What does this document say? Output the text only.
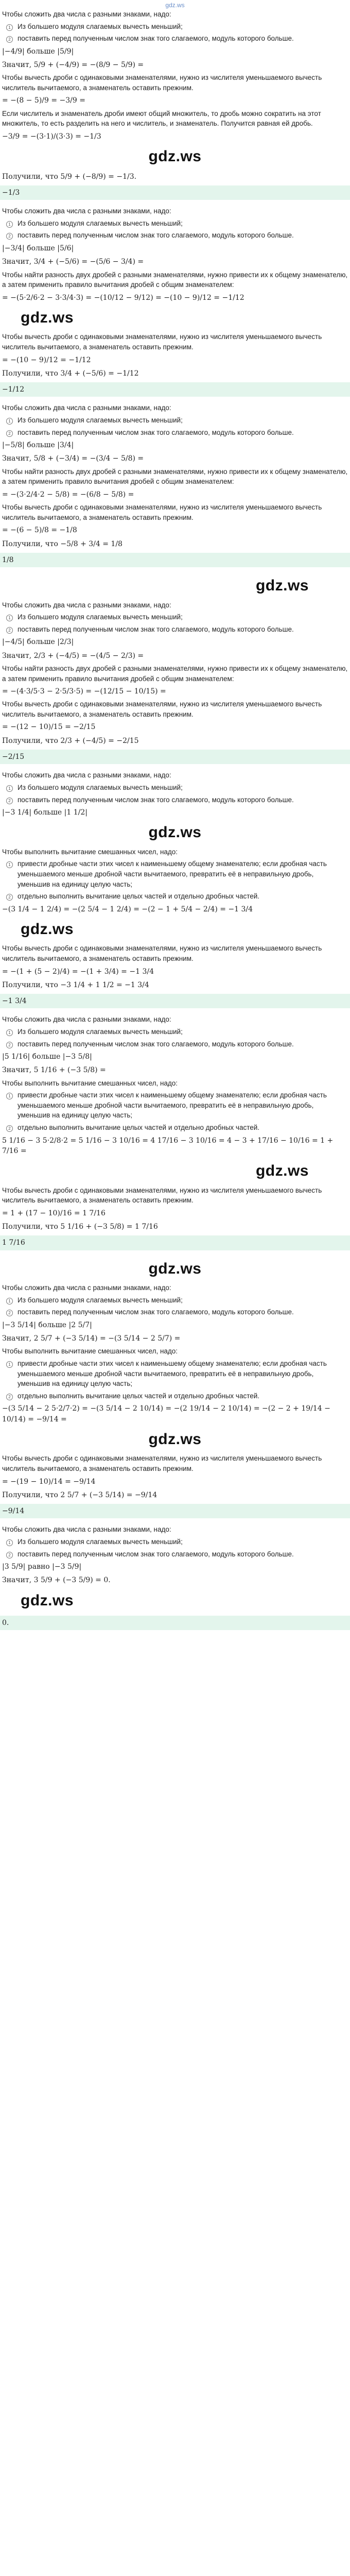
gdz.ws

Чтобы сложить два числа с разными знаками, надо:

1 Из большего модуля слагаемых вычесть меньший;
2 поставить перед полученным числом знак того слагаемого, модуль которого больше.
|−4/9| больше |5/9|
Значит, 5/9 + (−4/9) = −(8/9 − 5/9) =

Чтобы вычесть дроби с одинаковыми знаменателями, нужно из числителя уменьшаемого вычесть числитель вычитаемого, а знаменатель оставить прежним.

= −(8 − 5)/9 = −3/9 =

Если числитель и знаменатель дроби имеют общий множитель, то дробь можно сократить на этот множитель, то есть разделить на него и числитель, и знаменатель. Получится равная ей дробь.

−3/9 = −(3·1)/(3·3) = −1/3
gdz.ws
Получили, что 5/9 + (−8/9) = −1/3.
−1/3

Чтобы сложить два числа с разными знаками, надо:

1 Из большего модуля слагаемых вычесть меньший;
2 поставить перед полученным числом знак того слагаемого, модуль которого больше.
|−3/4| больше |5/6|
Значит, 3/4 + (−5/6) = −(5/6 − 3/4) =

Чтобы найти разность двух дробей с разными знаменателями, нужно привести их к общему знаменателю, а затем применить правило вычитания дробей с общим знаменателем:

= −(5·2/6·2 − 3·3/4·3) = −(10/12 − 9/12) = −(10 − 9)/12 = −1/12
gdz.ws

Чтобы вычесть дроби с одинаковыми знаменателями, нужно из числителя уменьшаемого вычесть числитель вычитаемого, а знаменатель оставить прежним.

= −(10 − 9)/12 = −1/12
Получили, что 3/4 + (−5/6) = −1/12
−1/12

Чтобы сложить два числа с разными знаками, надо:

1 Из большего модуля слагаемых вычесть меньший;
2 поставить перед полученным числом знак того слагаемого, модуль которого больше.
|−5/8| больше |3/4|
Значит, 5/8 + (−3/4) = −(3/4 − 5/8) =

Чтобы найти разность двух дробей с разными знаменателями, нужно привести их к общему знаменателю, а затем применить правило вычитания дробей с общим знаменателем:

= −(3·2/4·2 − 5/8) = −(6/8 − 5/8) =

Чтобы вычесть дроби с одинаковыми знаменателями, нужно из числителя уменьшаемого вычесть числитель вычитаемого, а знаменатель оставить прежним.

= −(6 − 5)/8 = −1/8
Получили, что −5/8 + 3/4 = 1/8
1/8
gdz.ws

Чтобы сложить два числа с разными знаками, надо:

1 Из большего модуля слагаемых вычесть меньший;
2 поставить перед полученным числом знак того слагаемого, модуль которого больше.
|−4/5| больше |2/3|
Значит, 2/3 + (−4/5) = −(4/5 − 2/3) =

Чтобы найти разность двух дробей с разными знаменателями, нужно привести их к общему знаменателю, а затем применить правило вычитания дробей с общим знаменателем:

= −(4·3/5·3 − 2·5/3·5) = −(12/15 − 10/15) =

Чтобы вычесть дроби с одинаковыми знаменателями, нужно из числителя уменьшаемого вычесть числитель вычитаемого, а знаменатель оставить прежним.

= −(12 − 10)/15 = −2/15
Получили, что 2/3 + (−4/5) = −2/15
−2/15

Чтобы сложить два числа с разными знаками, надо:

1 Из большего модуля слагаемых вычесть меньший;
2 поставить перед полученным числом знак того слагаемого, модуль которого больше.
|−3 1/4| больше |1 1/2|
gdz.ws

Чтобы выполнить вычитание смешанных чисел, надо:

1 привести дробные части этих чисел к наименьшему общему знаменателю; если дробная часть уменьшаемого меньше дробной части вычитаемого, превратить её в неправильную дробь, уменьшив на единицу целую часть;
2 отдельно выполнить вычитание целых частей и отдельно дробных частей.
−(3 1/4 − 1 2/4) = −(2 5/4 − 1 2/4) = −(2 − 1 + 5/4 − 2/4) = −1 3/4
gdz.ws

Чтобы вычесть дроби с одинаковыми знаменателями, нужно из числителя уменьшаемого вычесть числитель вычитаемого, а знаменатель оставить прежним.

= −(1 + (5 − 2)/4) = −(1 + 3/4) = −1 3/4
Получили, что −3 1/4 + 1 1/2 = −1 3/4
−1 3/4

Чтобы сложить два числа с разными знаками, надо:

1 Из большего модуля слагаемых вычесть меньший;
2 поставить перед полученным числом знак того слагаемого, модуль которого больше.
|5 1/16| больше |−3 5/8|
Значит, 5 1/16 + (−3 5/8) =

Чтобы выполнить вычитание смешанных чисел, надо:

1 привести дробные части этих чисел к наименьшему общему знаменателю; если дробная часть уменьшаемого меньше дробной части вычитаемого, превратить её в неправильную дробь, уменьшив на единицу целую часть;
2 отдельно выполнить вычитание целых частей и отдельно дробных частей.
5 1/16 − 3 5·2/8·2 = 5 1/16 − 3 10/16 = 4 17/16 − 3 10/16 = 4 − 3 + 17/16 − 10/16 = 1 + 7/16 =
gdz.ws

Чтобы вычесть дроби с одинаковыми знаменателями, нужно из числителя уменьшаемого вычесть числитель вычитаемого, а знаменатель оставить прежним.

= 1 + (17 − 10)/16 = 1 7/16
Получили, что 5 1/16 + (−3 5/8) = 1 7/16
1 7/16
gdz.ws

Чтобы сложить два числа с разными знаками, надо:

1 Из большего модуля слагаемых вычесть меньший;
2 поставить перед полученным числом знак того слагаемого, модуль которого больше.
|−3 5/14| больше |2 5/7|
Значит, 2 5/7 + (−3 5/14) = −(3 5/14 − 2 5/7) =

Чтобы выполнить вычитание смешанных чисел, надо:

1 привести дробные части этих чисел к наименьшему общему знаменателю; если дробная часть уменьшаемого меньше дробной части вычитаемого, превратить её в неправильную дробь, уменьшив на единицу целую часть;
2 отдельно выполнить вычитание целых частей и отдельно дробных частей.
−(3 5/14 − 2 5·2/7·2) = −(3 5/14 − 2 10/14) = −(2 19/14 − 2 10/14) = −(2 − 2 + 19/14 − 10/14) = −9/14 =
gdz.ws

Чтобы вычесть дроби с одинаковыми знаменателями, нужно из числителя уменьшаемого вычесть числитель вычитаемого, а знаменатель оставить прежним.

= −(19 − 10)/14 = −9/14
Получили, что 2 5/7 + (−3 5/14) = −9/14
−9/14

Чтобы сложить два числа с разными знаками, надо:

1 Из большего модуля слагаемых вычесть меньший;
2 поставить перед полученным числом знак того слагаемого, модуль которого больше.
|3 5/9| равно |−3 5/9|
Значит, 3 5/9 + (−3 5/9) = 0.
gdz.ws
0.
